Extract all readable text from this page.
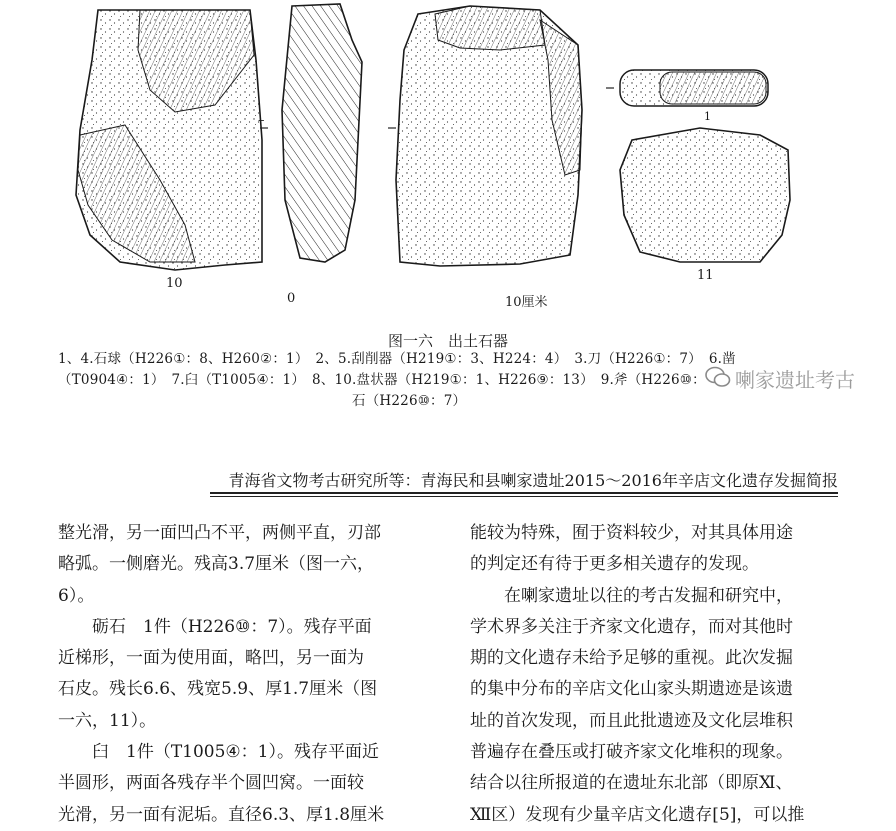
10
1
11
0	10厘米
–
图一六　出土石器
1、4.石球（H226①：8、H260②：1）　2、5.刮削器（H219①：3、H224：4）　3.刀（H226①：7）　6.凿
（T0904④：1）　7.臼（T1005④：1）　8、10.盘状器（H219①：1、H226⑨：13）　9.斧（H226⑩：
石（H226⑩：7）
喇家遗址考古
青海省文物考古研究所等：青海民和县喇家遗址2015～2016年辛店文化遗存发掘简报

整光滑，另一面凹凸不平，两侧平直，刃部

略弧。一侧磨光。残高3.7厘米（图一六，

6）。

　　砺石　1件（H226⑩：7）。残存平面

近梯形，一面为使用面，略凹，另一面为

石皮。残长6.6、残宽5.9、厚1.7厘米（图

一六，11）。

　　臼　1件（T1005④：1）。残存平面近

半圆形，两面各残存半个圆凹窝。一面较

光滑，另一面有泥垢。直径6.3、厚1.8厘米

能较为特殊，囿于资料较少，对其具体用途

的判定还有待于更多相关遗存的发现。

　　在喇家遗址以往的考古发掘和研究中，

学术界多关注于齐家文化遗存，而对其他时

期的文化遗存未给予足够的重视。此次发掘

的集中分布的辛店文化山家头期遗迹是该遗

址的首次发现，而且此批遗迹及文化层堆积

普遍存在叠压或打破齐家文化堆积的现象。

结合以往所报道的在遗址东北部（即原Ⅺ、

Ⅻ区）发现有少量辛店文化遗存[5]，可以推
